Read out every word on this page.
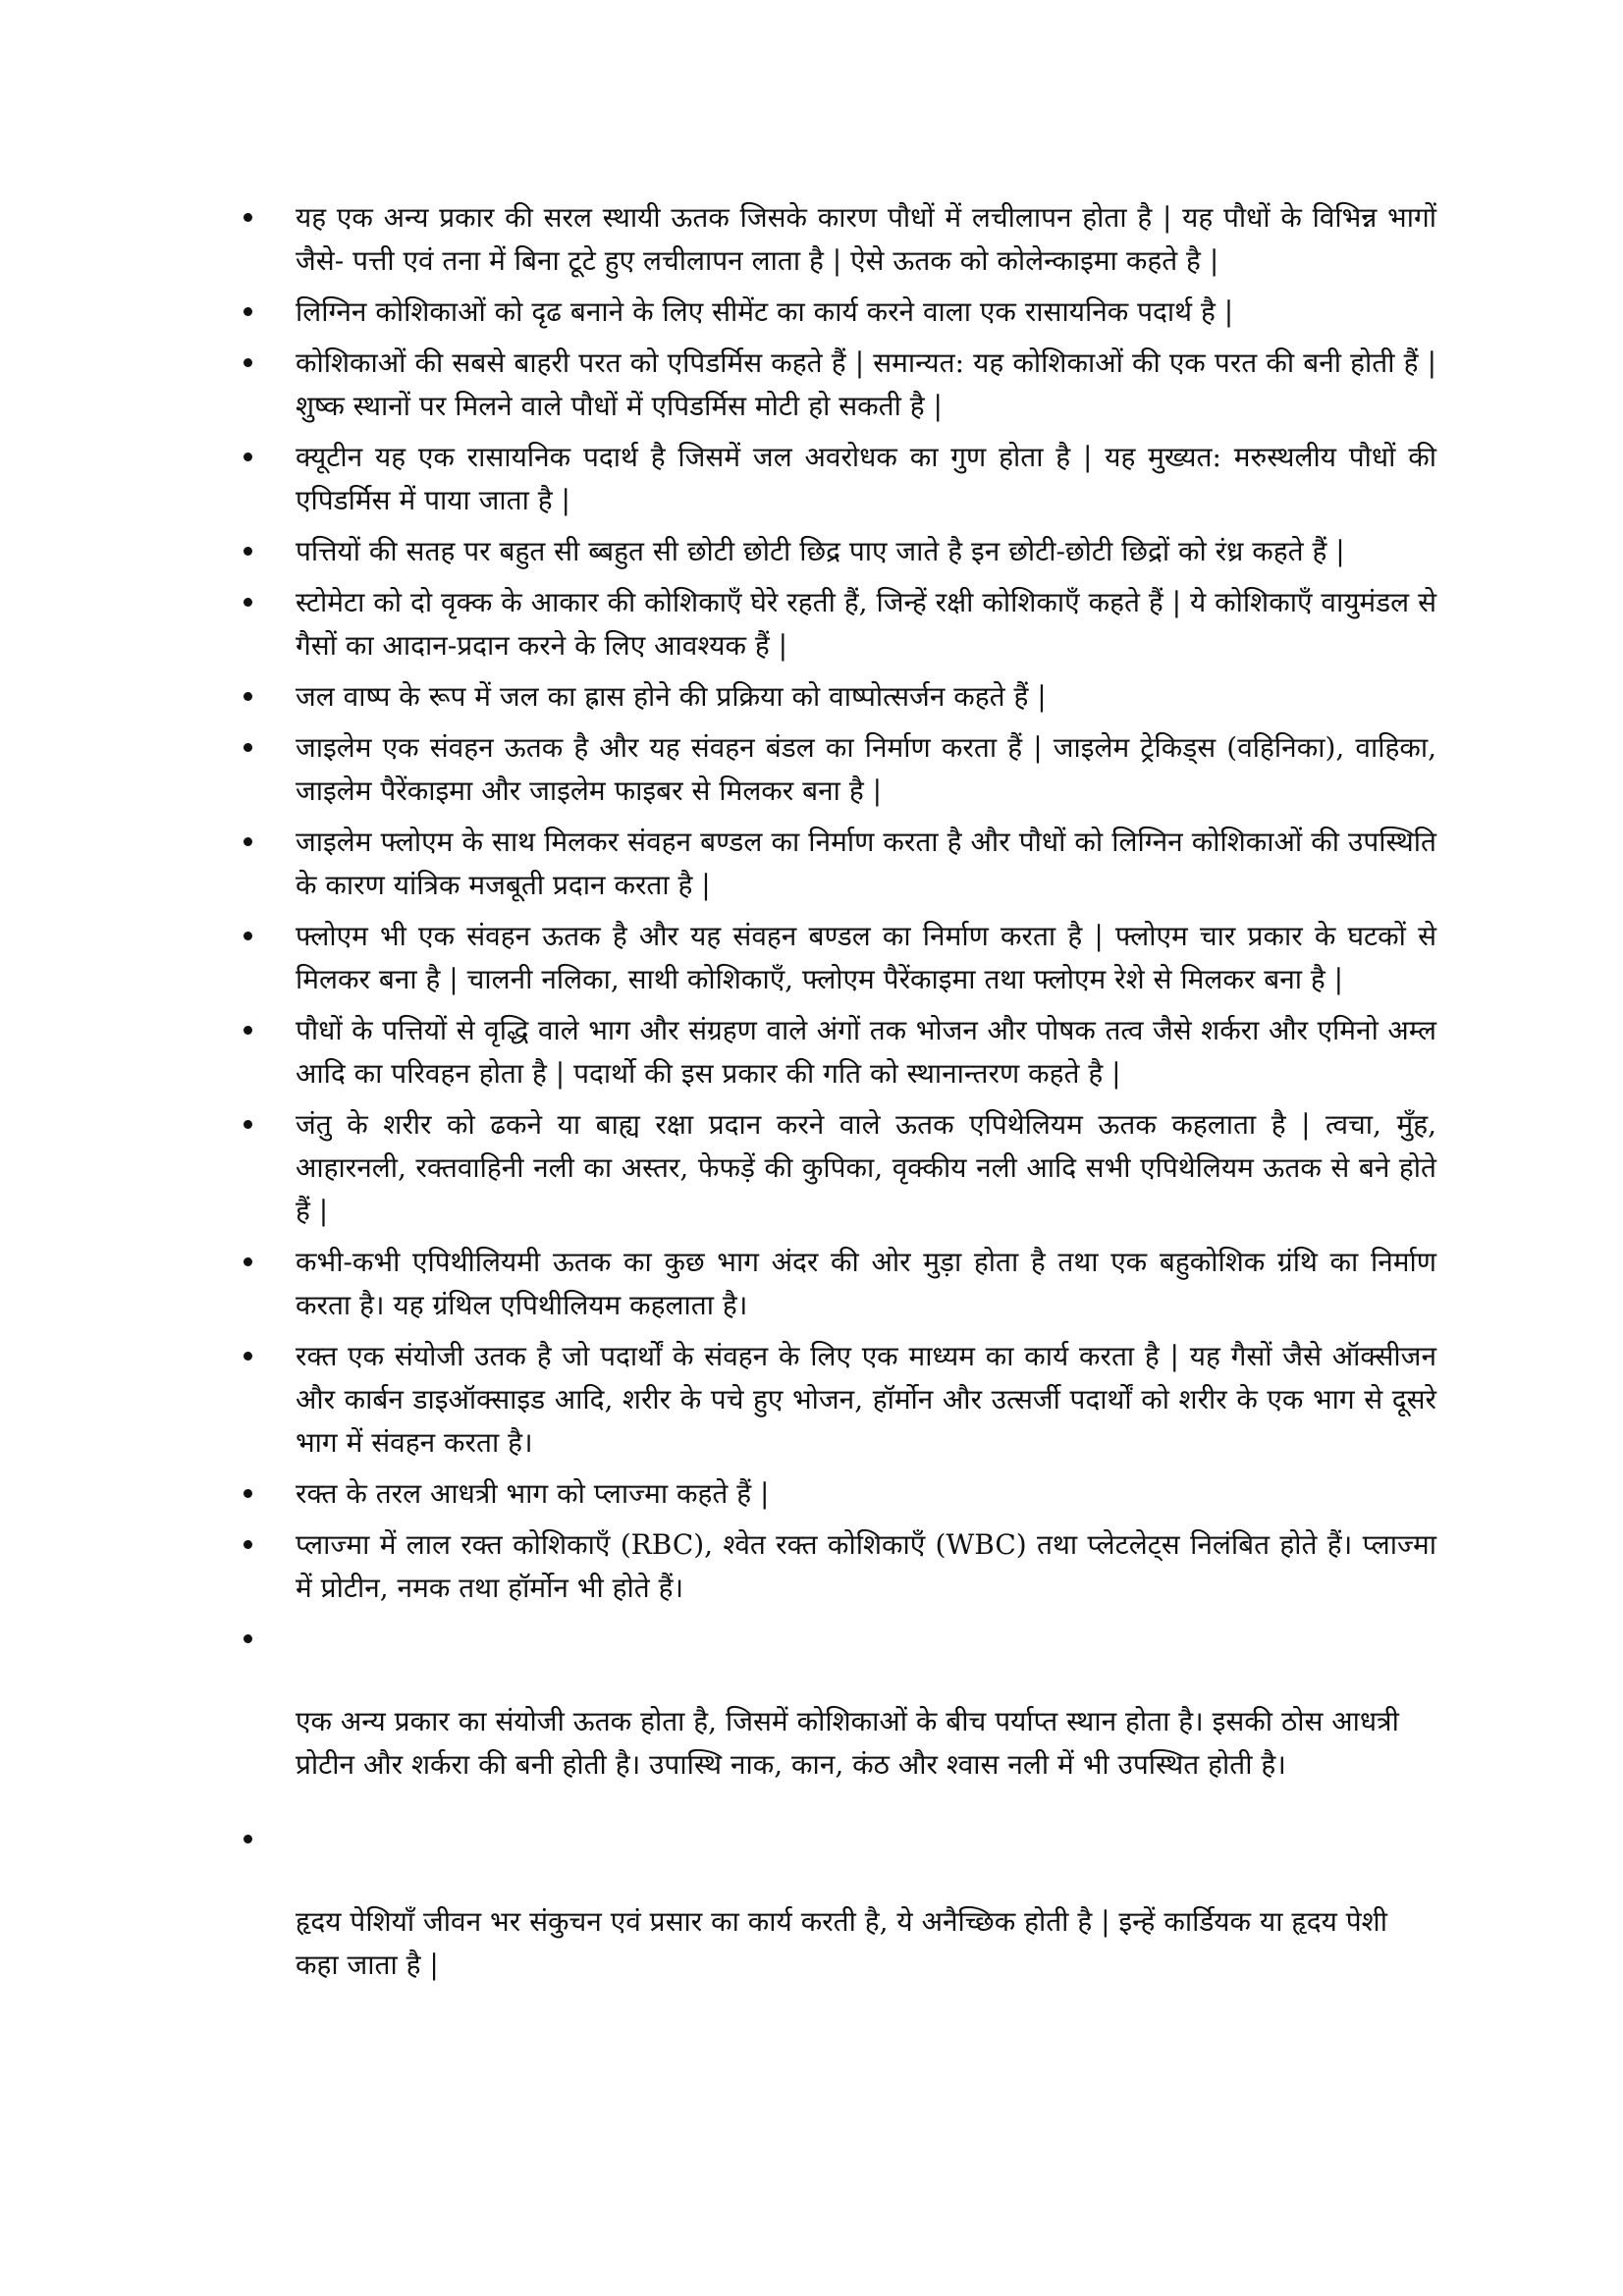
यह एक अन्य प्रकार की सरल स्थायी ऊतक जिसके कारण पौधों में लचीलापन होता है | यह पौधों के विभिन्न भागों जैसे- पत्ती एवं तना में बिना टूटे हुए लचीलापन लाता है | ऐसे ऊतक को कोलेन्काइमा कहते है |
लिग्निन कोशिकाओं को दृढ बनाने के लिए सीमेंट का कार्य करने वाला एक रासायनिक पदार्थ है |
कोशिकाओं की सबसे बाहरी परत को एपिडर्मिस कहते हैं | समान्यत: यह कोशिकाओं की एक परत की बनी होती हैं | शुष्क स्थानों पर मिलने वाले पौधों में एपिडर्मिस मोटी हो सकती है |
क्यूटीन यह एक रासायनिक पदार्थ है जिसमें जल अवरोधक का गुण होता है | यह मुख्यत: मरुस्थलीय पौधों की एपिडर्मिस में पाया जाता है |
पत्तियों की सतह पर बहुत सी ब्बहुत सी छोटी छोटी छिद्र पाए जाते है इन छोटी-छोटी छिद्रों को रंध्र कहते हैं |
स्टोमेटा को दो वृक्क के आकार की कोशिकाएँ घेरे रहती हैं, जिन्हें रक्षी कोशिकाएँ कहते हैं | ये कोशिकाएँ वायुमंडल से गैसों का आदान-प्रदान करने के लिए आवश्यक हैं |
जल वाष्प के रूप में जल का ह्रास होने की प्रक्रिया को वाष्पोत्सर्जन कहते हैं |
जाइलेम एक संवहन ऊतक है और यह संवहन बंडल का निर्माण करता हैं | जाइलेम ट्रेकिड्स (वहिनिका), वाहिका, जाइलेम पैरेंकाइमा और जाइलेम फाइबर से मिलकर बना है |
जाइलेम फ्लोएम के साथ मिलकर संवहन बण्डल का निर्माण करता है और पौधों को लिग्निन कोशिकाओं की उपस्थिति के कारण यांत्रिक मजबूती प्रदान करता है |
फ्लोएम भी एक संवहन ऊतक है और यह संवहन बण्डल का निर्माण करता है | फ्लोएम चार प्रकार के घटकों से मिलकर बना है | चालनी नलिका, साथी कोशिकाएँ, फ्लोएम पैरेंकाइमा तथा फ्लोएम रेशे से मिलकर बना है |
पौधों के पत्तियों से वृद्धि वाले भाग और संग्रहण वाले अंगों तक भोजन और पोषक तत्व जैसे शर्करा और एमिनो अम्ल आदि का परिवहन होता है | पदार्थो की इस प्रकार की गति को स्थानान्तरण कहते है |
जंतु के शरीर को ढकने या बाह्य रक्षा प्रदान करने वाले ऊतक एपिथेलियम ऊतक कहलाता है | त्वचा, मुँह, आहारनली, रक्तवाहिनी नली का अस्तर, फेफड़ें की कुपिका, वृक्कीय नली आदि सभी एपिथेलियम ऊतक से बने होते हैं |
कभी-कभी एपिथीलियमी ऊतक का कुछ भाग अंदर की ओर मुड़ा होता है तथा एक बहुकोशिक ग्रंथि का निर्माण करता है। यह ग्रंथिल एपिथीलियम कहलाता है।
रक्त एक संयोजी उतक है जो पदार्थों के संवहन के लिए एक माध्यम का कार्य करता है | यह गैसों जैसे ऑक्सीजन और कार्बन डाइऑक्साइड आदि, शरीर के पचे हुए भोजन, हॉर्मोन और उत्सर्जी पदार्थों को शरीर के एक भाग से दूसरे भाग में संवहन करता है।
रक्त के तरल आधत्री भाग को प्लाज्मा कहते हैं |
प्लाज्मा में लाल रक्त कोशिकाएँ (RBC), श्वेत रक्त कोशिकाएँ (WBC) तथा प्लेटलेट्स निलंबित होते हैं। प्लाज्मा में प्रोटीन, नमक तथा हॉर्मोन भी होते हैं।

एक अन्य प्रकार का संयोजी ऊतक होता है, जिसमें कोशिकाओं के बीच पर्याप्त स्थान होता है। इसकी ठोस आधत्री प्रोटीन और शर्करा की बनी होती है। उपास्थि नाक, कान, कंठ और श्वास नली में भी उपस्थित होती है।

हृदय पेशियाँ जीवन भर संकुचन एवं प्रसार का कार्य करती है, ये अनैच्छिक होती है | इन्हें कार्डियक या हृदय पेशी कहा जाता है |
